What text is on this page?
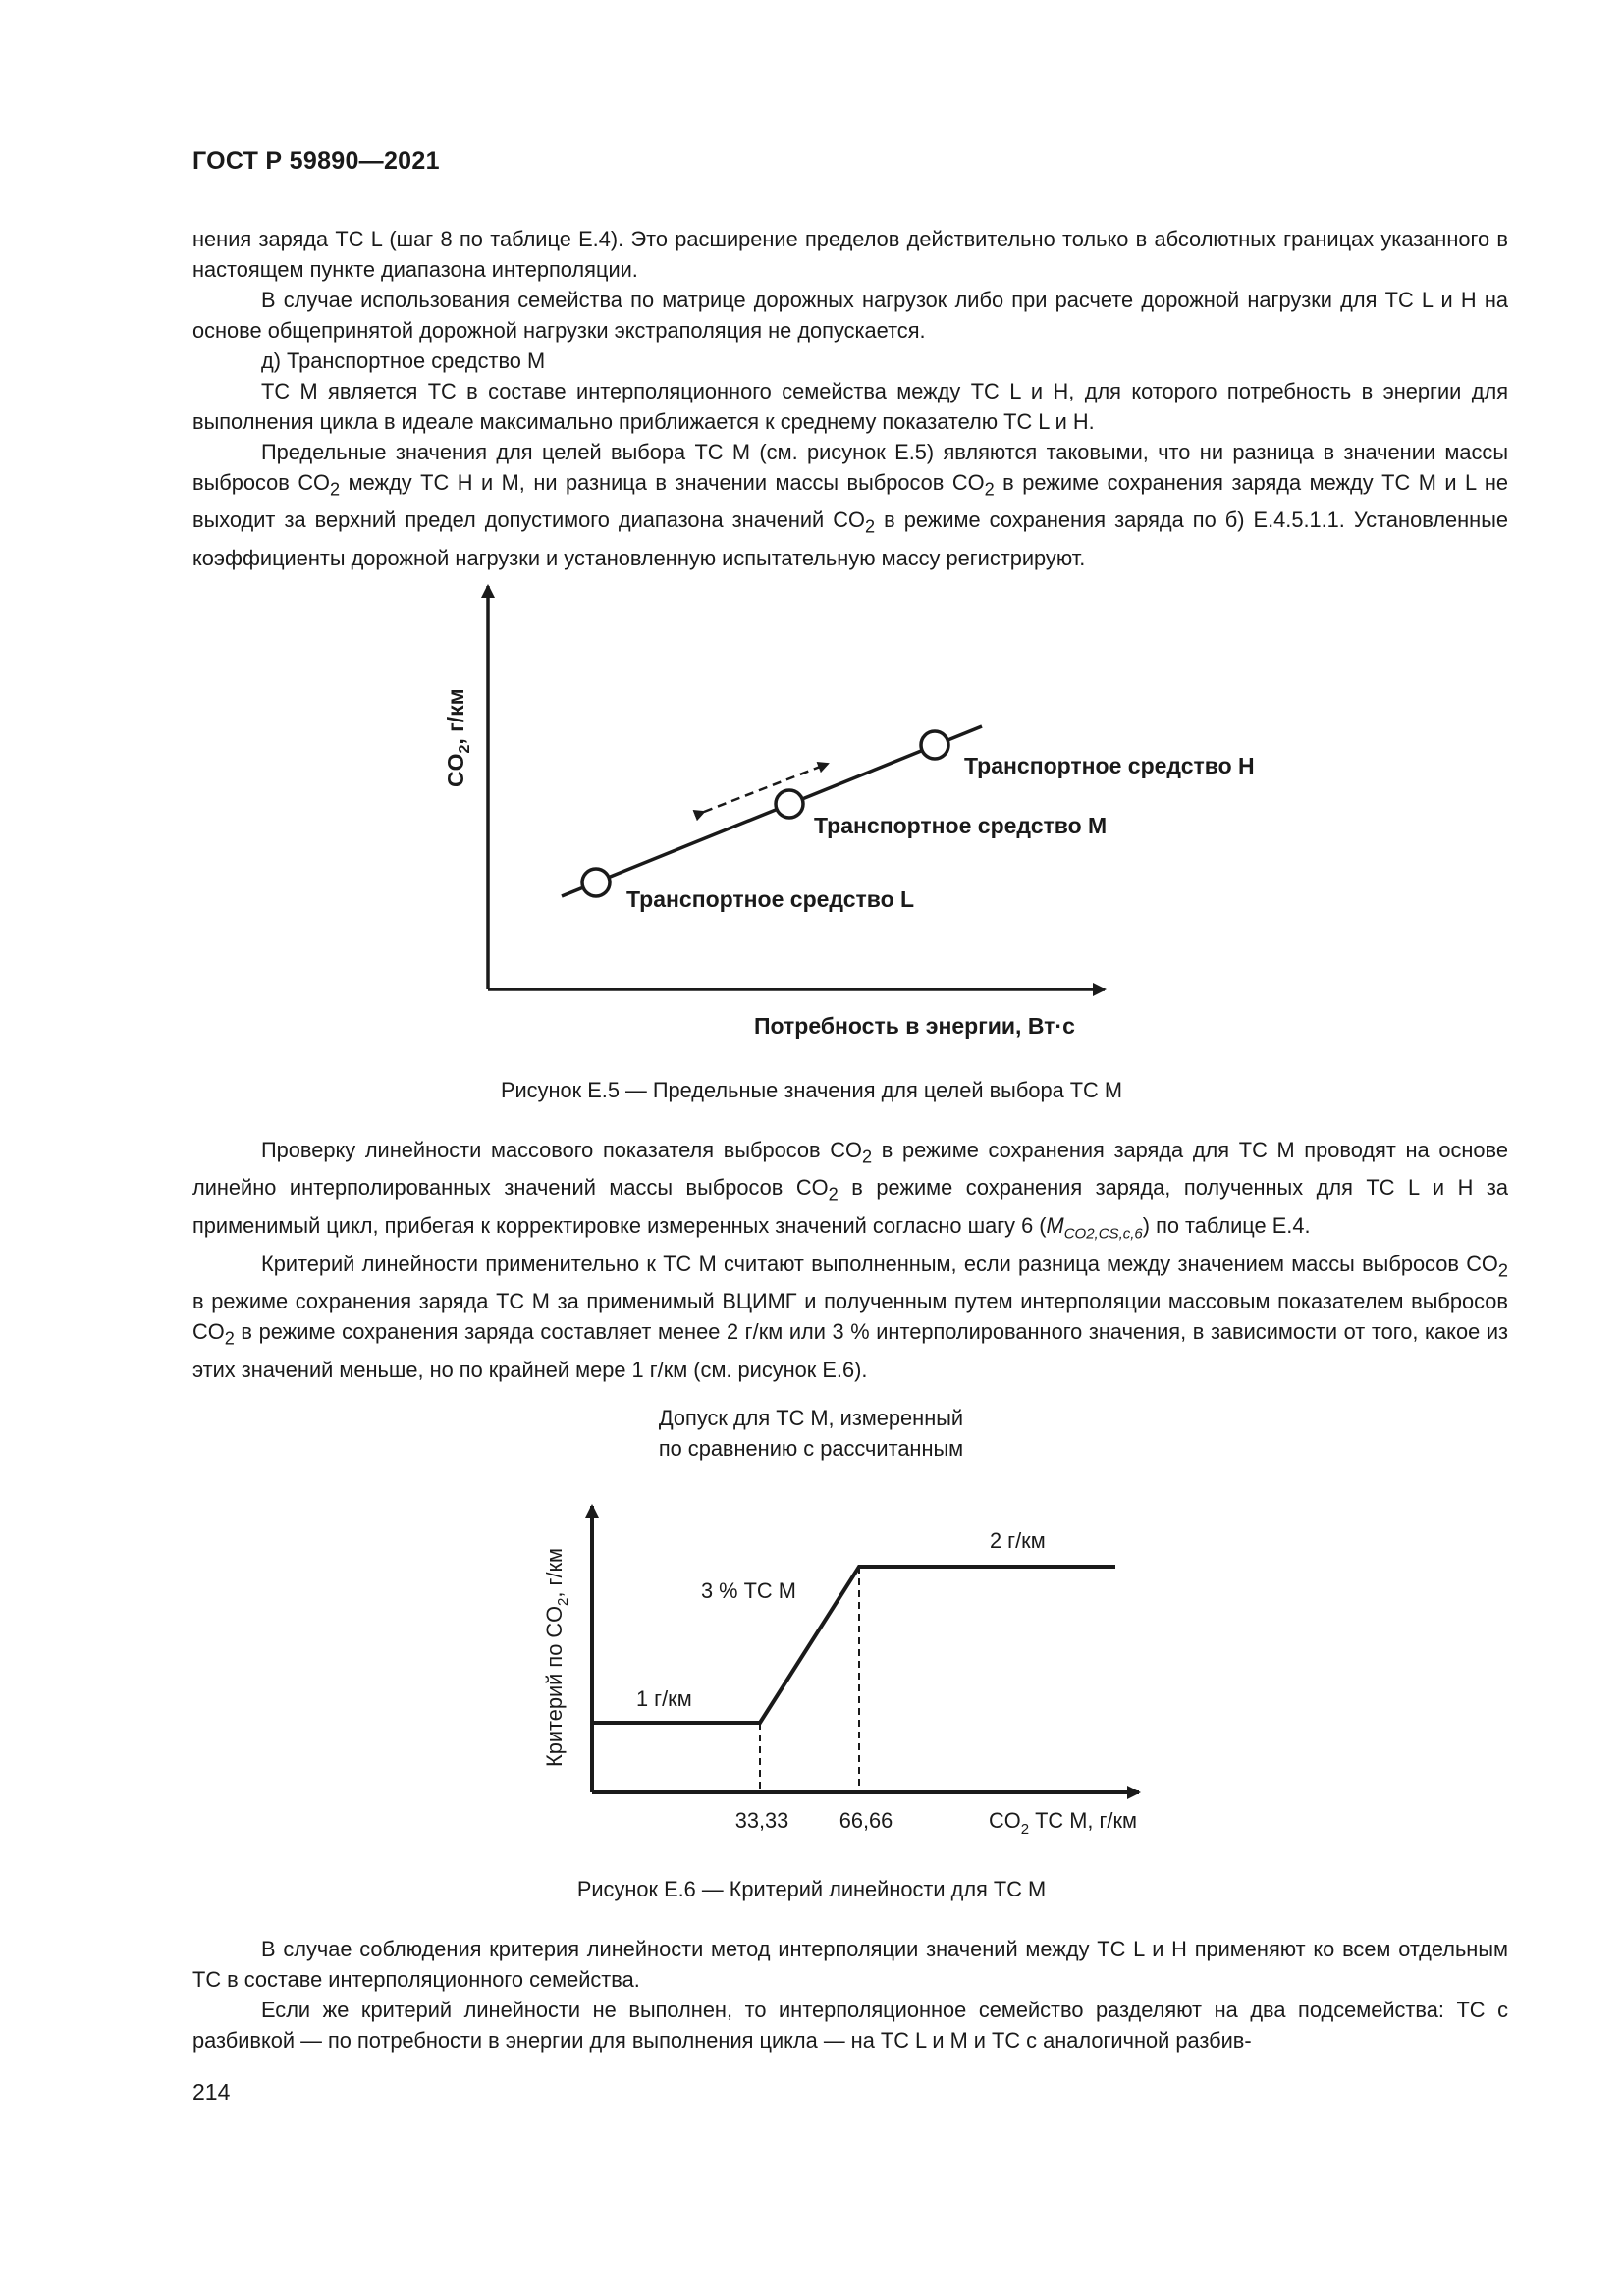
ГОСТ Р 59890—2021

нения заряда ТС L (шаг 8 по таблице Е.4). Это расширение пределов действительно только в абсолютных границах указанного в настоящем пункте диапазона интерполяции.

В случае использования семейства по матрице дорожных нагрузок либо при расчете дорожной нагрузки для ТС L и Н на основе общепринятой дорожной нагрузки экстраполяция не допускается.

д) Транспортное средство М

ТС М является ТС в составе интерполяционного семейства между ТС L и Н, для которого потребность в энергии для выполнения цикла в идеале максимально приближается к среднему показателю ТС L и Н.

Предельные значения для целей выбора ТС М (см. рисунок Е.5) являются таковыми, что ни разница в значении массы выбросов $CO_2$ между ТС Н и М, ни разница в значении массы выбросов $CO_2$ в режиме сохранения заряда между ТС М и L не выходит за верхний предел допустимого диапазона значений $CO_2$ в режиме сохранения заряда по б) Е.4.5.1.1. Установленные коэффициенты дорожной нагрузки и установленную испытательную массу регистрируют.

$CO_2$, г/км
Потребность в энергии, Вт·с
Транспортное средство Н
Транспортное средство М
Транспортное средство L
Рисунок Е.5 — Предельные значения для целей выбора ТС М

Проверку линейности массового показателя выбросов $CO_2$ в режиме сохранения заряда для ТС М проводят на основе линейно интерполированных значений массы выбросов $CO_2$ в режиме сохранения заряда, полученных для ТС L и Н за применимый цикл, прибегая к корректировке измеренных значений согласно шагу 6 $(M_{CO2,CS,c,6})$ по таблице Е.4.

Критерий линейности применительно к ТС М считают выполненным, если разница между значением массы выбросов $CO_2$ в режиме сохранения заряда ТС М за применимый ВЦИМГ и полученным путем интерполяции массовым показателем выбросов $CO_2$ в режиме сохранения заряда составляет менее 2 г/км или 3 % интерполированного значения, в зависимости от того, какое из этих значений меньше, но по крайней мере 1 г/км (см. рисунок Е.6).

Допуск для ТС М, измеренный
по сравнению с рассчитанным
Критерий по $CO_2$, г/км
1 г/км
3 % ТС М
2 г/км
33,33 66,66	$CO_2$ ТС М, г/км
Рисунок Е.6 — Критерий линейности для ТС М

В случае соблюдения критерия линейности метод интерполяции значений между ТС L и Н применяют ко всем отдельным ТС в составе интерполяционного семейства.

Если же критерий линейности не выполнен, то интерполяционное семейство разделяют на два подсемейства: ТС с разбивкой — по потребности в энергии для выполнения цикла — на ТС L и М и ТС с аналогичной разбив-

214
